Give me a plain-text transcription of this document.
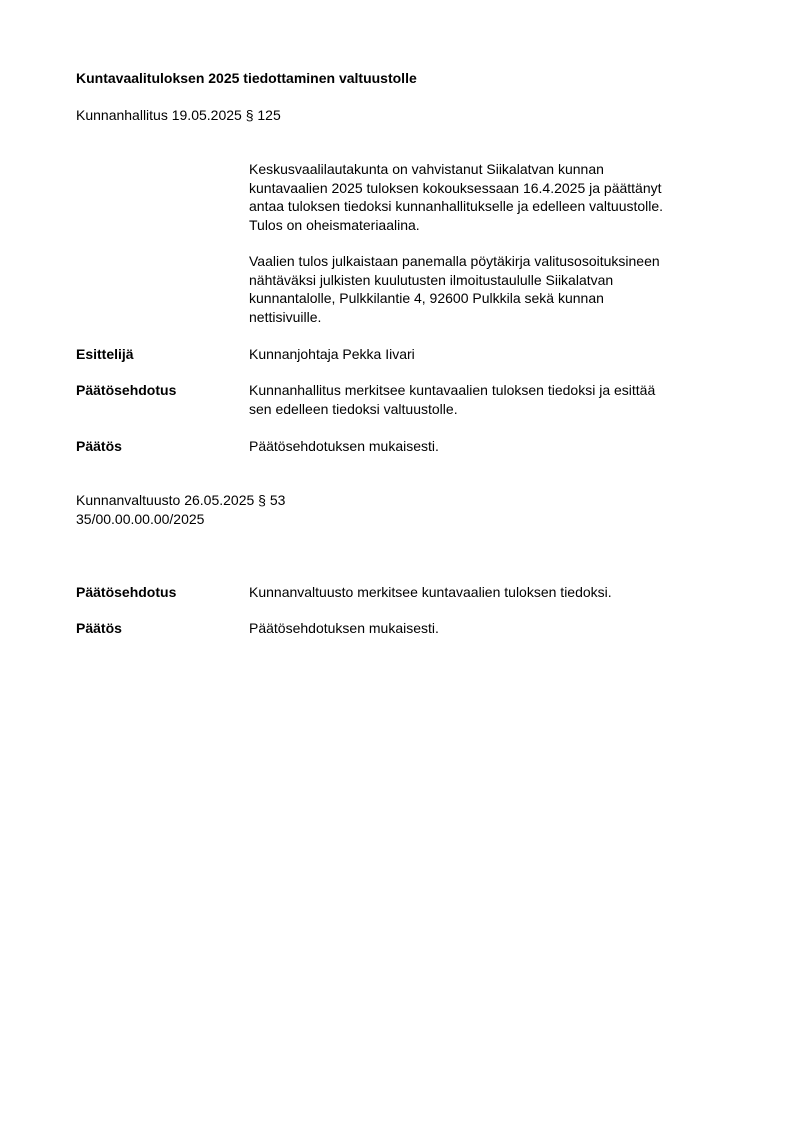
Kuntavaalituloksen 2025 tiedottaminen valtuustolle
Kunnanhallitus 19.05.2025 § 125
Keskusvaalilautakunta on vahvistanut Siikalatvan kunnan
kuntavaalien 2025 tuloksen kokouksessaan 16.4.2025 ja päättänyt
antaa tuloksen tiedoksi kunnanhallitukselle ja edelleen valtuustolle.
Tulos on oheismateriaalina.
Vaalien tulos julkaistaan panemalla pöytäkirja valitusosoituksineen
nähtäväksi julkisten kuulutusten ilmoitustaululle Siikalatvan
kunnantalolle, Pulkkilantie 4, 92600 Pulkkila sekä kunnan
nettisivuille.
Esittelijä	Kunnanjohtaja Pekka Iivari
Päätösehdotus	Kunnanhallitus merkitsee kuntavaalien tuloksen tiedoksi ja esittää
sen edelleen tiedoksi valtuustolle.
Päätös	Päätösehdotuksen mukaisesti.
Kunnanvaltuusto 26.05.2025 § 53
35/00.00.00.00/2025
Päätösehdotus	Kunnanvaltuusto merkitsee kuntavaalien tuloksen tiedoksi.
Päätös	Päätösehdotuksen mukaisesti.
